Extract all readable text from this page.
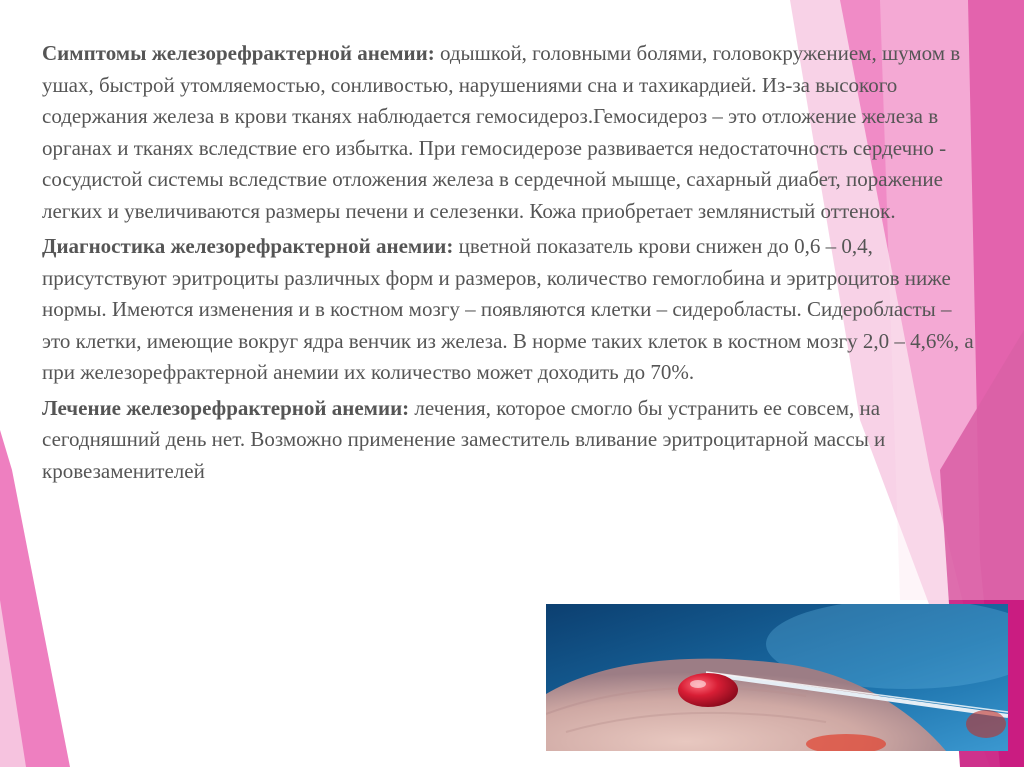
Симптомы железорефрактерной анемии: одышкой, головными болями, головокружением, шумом в ушах, быстрой утомляемостью, сонливостью, нарушениями сна и тахикардией. Из-за высокого содержания железа в крови тканях наблюдается гемосидероз.Гемосидероз – это отложение железа в органах и тканях вследствие его избытка. При гемосидерозе развивается недостаточность сердечно - сосудистой системы вследствие отложения железа в сердечной мышце, сахарный диабет, поражение легких и увеличиваются размеры печени и селезенки. Кожа приобретает землянистый оттенок.

Диагностика железорефрактерной анемии: цветной показатель крови снижен до 0,6 – 0,4, присутствуют эритроциты различных форм и размеров, количество гемоглобина и эритроцитов ниже нормы. Имеются изменения и в костном мозгу – появляются клетки – сидеробласты. Сидеробласты – это клетки, имеющие вокруг ядра венчик из железа. В норме таких клеток в костном мозгу 2,0 – 4,6%, а при железорефрактерной анемии их количество может доходить до 70%.

Лечение железорефрактерной анемии: лечения, которое смогло бы устранить ее совсем, на сегодняшний день нет. Возможно применение заместитель вливание эритроцитарной массы и кровезаменителей
